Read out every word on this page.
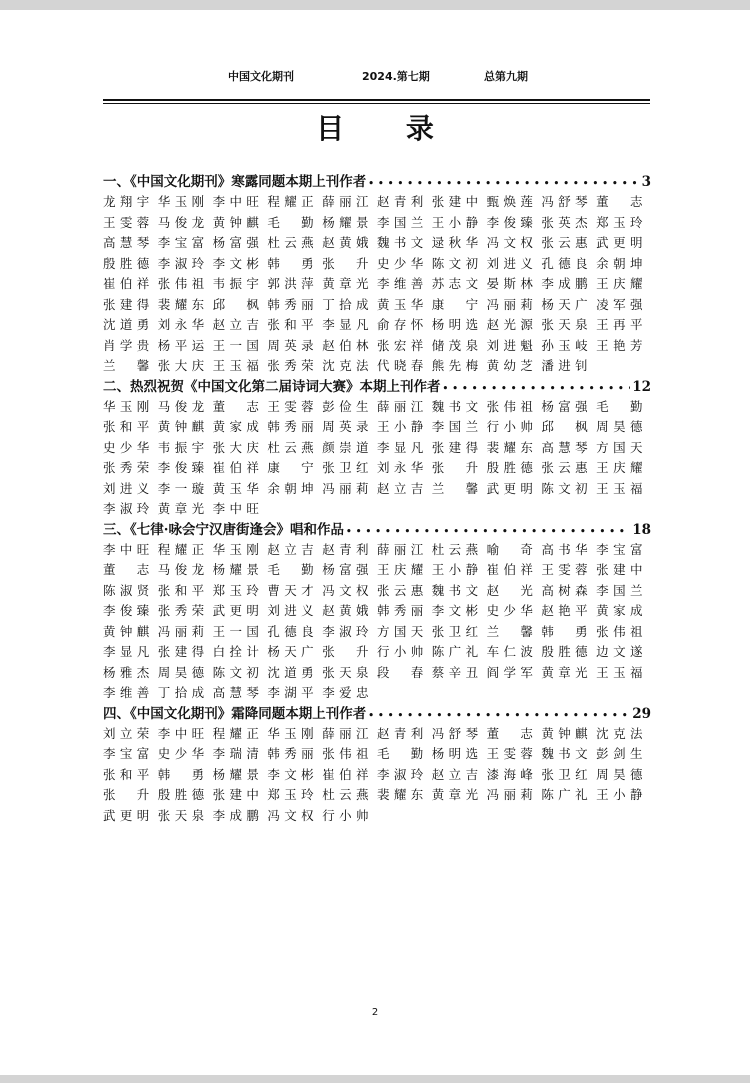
中国文化期刊	2024.第七期	总第九期
目 录
一、《中国文化期刊》寒露同题本期上刊作者 •••••	3
龙翔宇 华玉刚 李中旺 程耀正 薛丽江 赵青利 张建中 甄焕莲 冯舒琴 董 志
王雯蓉 马俊龙 黄钟麒 毛 勤 杨耀景 李国兰 王小静 李俊臻 张英杰 郑玉玲
高慧琴 李宝富 杨富强 杜云燕 赵黄娥 魏书文 逯秋华 冯文权 张云惠 武更明
殷胜德 李淑玲 李文彬 韩 勇 张 升 史少华 陈文初 刘进义 孔德良 余朝坤
崔伯祥 张伟祖 韦振宇 郭洪萍 黄章光 李维善 苏志文 晏斯林 李成鹏 王庆耀
张建得 裴耀东 邱 枫 韩秀丽 丁拾成 黄玉华 康 宁 冯丽莉 杨天广 凌军强
沈道勇 刘永华 赵立吉 张和平 李显凡 俞存怀 杨明选 赵光源 张天泉 王再平
肖学贵 杨平运 王一国 周英录 赵伯林 张宏祥 储茂泉 刘进魁 孙玉岐 王艳芳
兰 馨 张大庆 王玉福 张秀荣 沈克法 代晓春 熊先梅 黄幼芝 潘进钊
二、热烈祝贺《中国文化第二届诗词大赛》本期上刊作者 •••••	12
华玉刚 马俊龙 董 志 王雯蓉 彭俭生 薛丽江 魏书文 张伟祖 杨富强 毛 勤
张和平 黄钟麒 黄家成 韩秀丽 周英录 王小静 李国兰 行小帅 邱 枫 周昊德
史少华 韦振宇 张大庆 杜云燕 颜崇道 李显凡 张建得 裴耀东 高慧琴 方国天
张秀荣 李俊臻 崔伯祥 康 宁 张卫红 刘永华 张 升 殷胜德 张云惠 王庆耀
刘进义 李一璇 黄玉华 余朝坤 冯丽莉 赵立吉 兰 馨 武更明 陈文初 王玉福
李淑玲 黄章光 李中旺
三、《七律·咏会宁汉唐街逢会》唱和作品 •••••	18
李中旺 程耀正 华玉刚 赵立吉 赵青利 薛丽江 杜云燕 喻 奇 高书华 李宝富
董 志 马俊龙 杨耀景 毛 勤 杨富强 王庆耀 王小静 崔伯祥 王雯蓉 张建中
陈淑贤 张和平 郑玉玲 曹天才 冯文权 张云惠 魏书文 赵 光 高树森 李国兰
李俊臻 张秀荣 武更明 刘进义 赵黄娥 韩秀丽 李文彬 史少华 赵艳平 黄家成
黄钟麒 冯丽莉 王一国 孔德良 李淑玲 方国天 张卫红 兰 馨 韩 勇 张伟祖
李显凡 张建得 白拴计 杨天广 张 升 行小帅 陈广礼 车仁波 殷胜德 边文遂
杨雅杰 周昊德 陈文初 沈道勇 张天泉 段 春 蔡辛丑 阎学军 黄章光 王玉福
李维善 丁拾成 高慧琴 李湖平 李爱忠
四、《中国文化期刊》霜降同题本期上刊作者 •••••	29
刘立荣 李中旺 程耀正 华玉刚 薛丽江 赵青利 冯舒琴 董 志 黄钟麒 沈克法
李宝富 史少华 李瑞清 韩秀丽 张伟祖 毛 勤 杨明选 王雯蓉 魏书文 彭剑生
张和平 韩 勇 杨耀景 李文彬 崔伯祥 李淑玲 赵立吉 漆海峰 张卫红 周昊德
张 升 殷胜德 张建中 郑玉玲 杜云燕 裴耀东 黄章光 冯丽莉 陈广礼 王小静
武更明 张天泉 李成鹏 冯文权 行小帅
2
